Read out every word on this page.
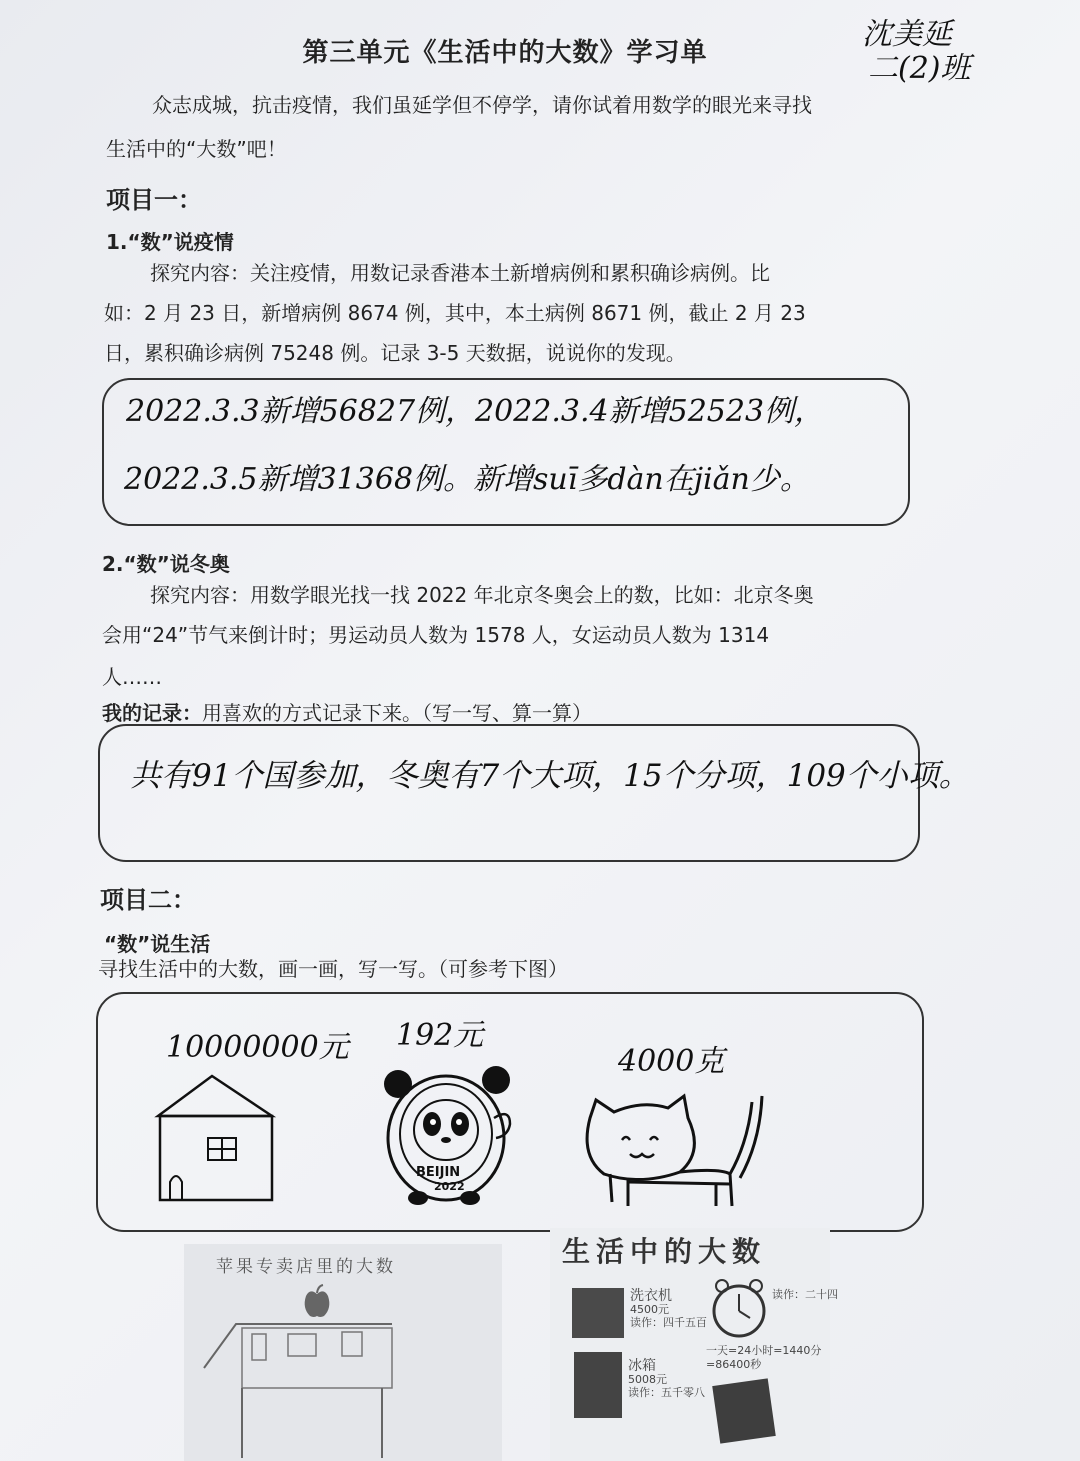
第三单元《生活中的大数》学习单
沈美延
二(2)班
众志成城，抗击疫情，我们虽延学但不停学，请你试着用数学的眼光来寻找
生活中的“大数”吧！
项目一：
1.“数”说疫情
探究内容：关注疫情，用数记录香港本土新增病例和累积确诊病例。比
如：2 月 23 日，新增病例 8674 例，其中，本土病例 8671 例，截止 2 月 23
日，累积确诊病例 75248 例。记录 3-5 天数据，说说你的发现。
2022.3.3新增56827例，2022.3.4新增52523例，
2022.3.5新增31368例。新增suī多dàn在jiǎn少。
2.“数”说冬奥
探究内容：用数学眼光找一找 2022 年北京冬奥会上的数，比如：北京冬奥
会用“24”节气来倒计时；男运动员人数为 1578 人，女运动员人数为 1314
人……
我的记录：用喜欢的方式记录下来。（写一写、算一算）
共有91个国参加，冬奥有7个大项，15个分项，109个小项。
项目二：
“数”说生活
寻找生活中的大数，画一画，写一写。（可参考下图）
10000000元 192元
4000克
BEIJIN
2022
苹果专卖店里的大数	生活中的大数
洗衣机
4500元
读作：四千五百
冰箱
5008元
读作：五千零八
读作：二十四
一天=24小时=1440分
=86400秒
